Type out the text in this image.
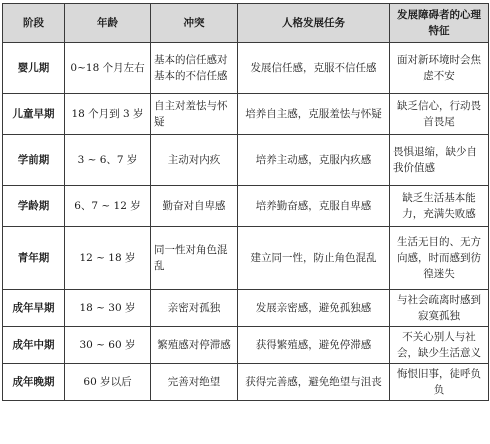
阶段	年龄	冲突	人格发展任务	发展障碍者的心理特征
婴儿期	0~18 个月左右	基本的信任感对基本的不信任感	发展信任感，克服不信任感	面对新环境时会焦虑不安
儿童早期	18 个月到 3 岁	自主对羞怯与怀疑	培养自主感，克服羞怯与怀疑	缺乏信心，行动畏首畏尾
学前期	3 ~ 6、7 岁	主动对内疚	培养主动感，克服内疚感	畏惧退缩，缺少自我价值感
学龄期	6、7 ~ 12 岁	勤奋对自卑感	培养勤奋感，克服自卑感	缺乏生活基本能力，充满失败感
青年期	12 ~ 18 岁	同一性对角色混乱	建立同一性，防止角色混乱	生活无目的、无方向感，时而感到彷徨迷失
成年早期	18 ~ 30 岁	亲密对孤独	发展亲密感，避免孤独感	与社会疏离时感到寂寞孤独
成年中期	30 ~ 60 岁	繁殖感对停滞感	获得繁殖感，避免停滞感	不关心别人与社会，缺少生活意义
成年晚期	60 岁以后	完善对绝望	获得完善感，避免绝望与沮丧	悔恨旧事，徒呼负负
